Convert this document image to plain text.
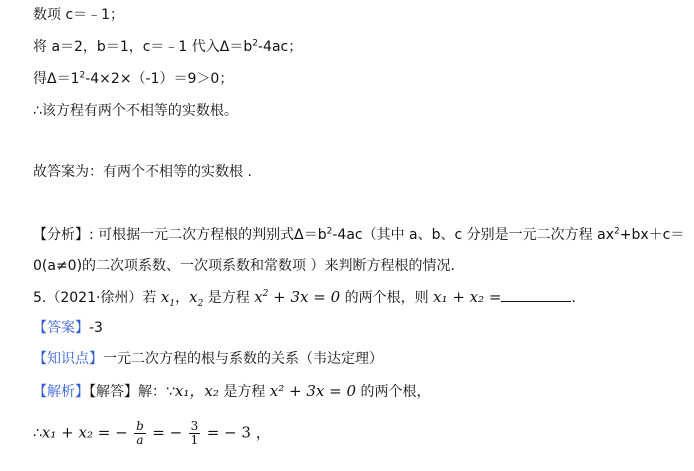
数项 c＝﹣1；
将 a＝2，b＝1，c＝﹣1 代入$\Delta=b^2-4ac$；
得$\Delta=1^2-4\times 2\times(-1)=9>0$；
∴该方程有两个不相等的实数根。
故答案为：有两个不相等的实数根 .
【分析】: 可根据一元二次方程根的判别式$\Delta=b^2-4ac$（其中 a、b、c 分别是一元二次方程 $ax^2+bx+c=$
0(a≠0)的二次项系数、一次项系数和常数项 ）来判断方程根的情况.
5.（2021·徐州）若 $x_1$，$x_2$ 是方程 $x^2 + 3x = 0$ 的两个根，则 x₁ + x₂ =	.
【答案】-3
【知识点】一元二次方程的根与系数的关系（韦达定理）
【解析】【解答】解：∵x₁，x₂ 是方程 x² + 3x = 0 的两个根，
∴x₁ + x₂ = − $\frac{b}{a}$ = − $\frac{3}{1}$ = − 3 ，
